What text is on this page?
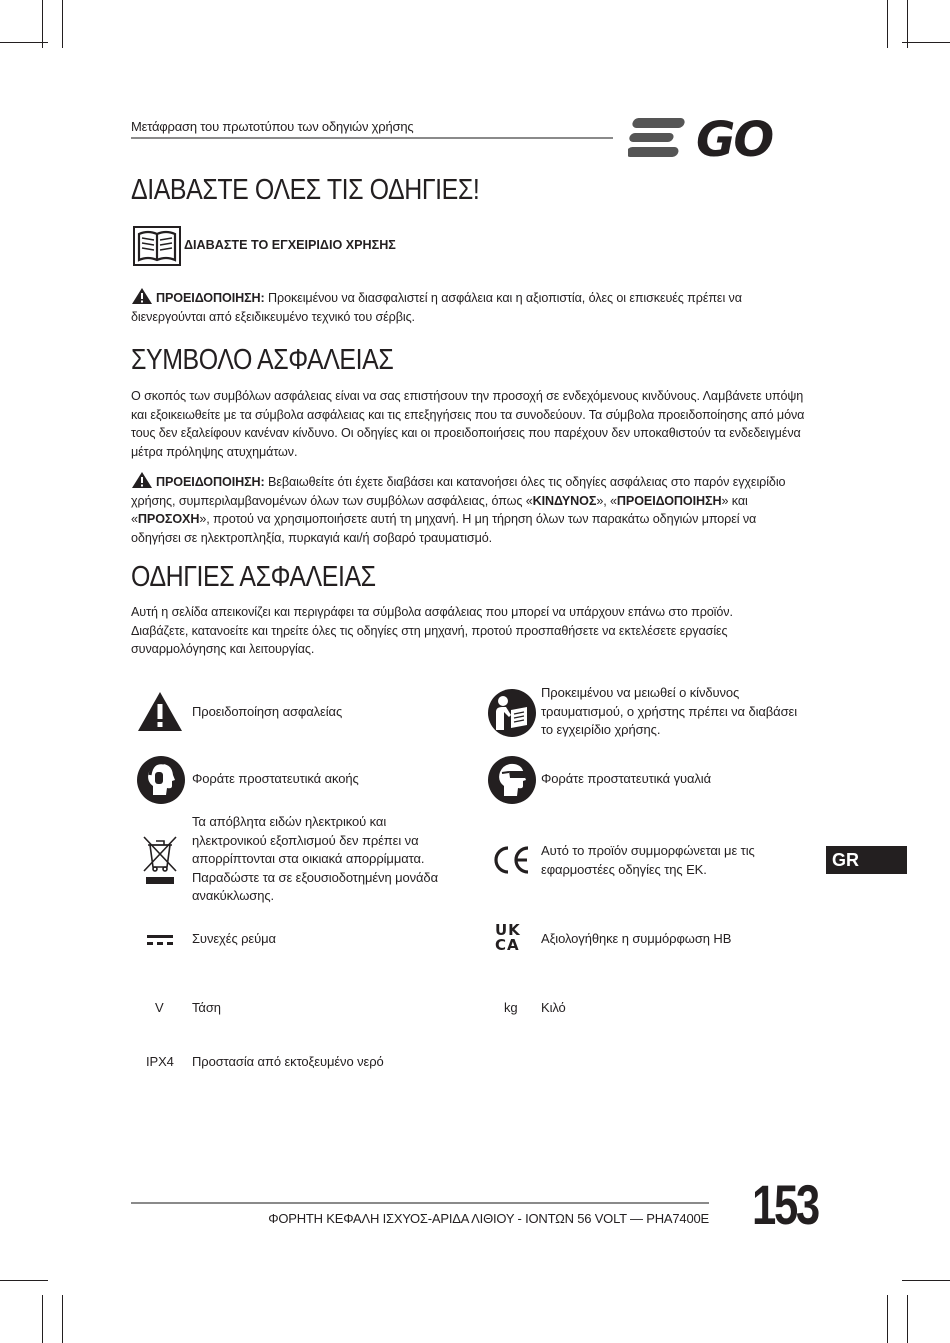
Μετάφραση του πρωτοτύπου των οδηγιών χρήσης	GO
ΔΙΑΒΑΣΤΕ ΟΛΕΣ ΤΙΣ ΟΔΗΓΙΕΣ!
ΔΙΑΒΑΣΤΕ ΤΟ ΕΓΧΕΙΡΙΔΙΟ ΧΡΗΣΗΣ
ΠΡΟΕΙΔΟΠΟΙΗΣΗ: Προκειμένου να διασφαλιστεί η ασφάλεια και η αξιοπιστία, όλες οι επισκευές πρέπει να διενεργούνται από εξειδικευμένο τεχνικό του σέρβις.
ΣΥΜΒΟΛΟ ΑΣΦΑΛΕΙΑΣ
Ο σκοπός των συμβόλων ασφάλειας είναι να σας επιστήσουν την προσοχή σε ενδεχόμενους κινδύνους. Λαμβάνετε υπόψη και εξοικειωθείτε με τα σύμβολα ασφάλειας και τις επεξηγήσεις που τα συνοδεύουν. Τα σύμβολα προειδοποίησης από μόνα τους δεν εξαλείφουν κανέναν κίνδυνο. Οι οδηγίες και οι προειδοποιήσεις που παρέχουν δεν υποκαθιστούν τα ενδεδειγμένα μέτρα πρόληψης ατυχημάτων.
ΠΡΟΕΙΔΟΠΟΙΗΣΗ: Βεβαιωθείτε ότι έχετε διαβάσει και κατανοήσει όλες τις οδηγίες ασφάλειας στο παρόν εγχειρίδιο χρήσης, συμπεριλαμβανομένων όλων των συμβόλων ασφάλειας, όπως «ΚΙΝΔΥΝΟΣ», «ΠΡΟΕΙΔΟΠΟΙΗΣΗ» και «ΠΡΟΣΟΧΗ», προτού να χρησιμοποιήσετε αυτή τη μηχανή. Η μη τήρηση όλων των παρακάτω οδηγιών μπορεί να οδηγήσει σε ηλεκτροπληξία, πυρκαγιά και/ή σοβαρό τραυματισμό.
ΟΔΗΓΙΕΣ ΑΣΦΑΛΕΙΑΣ
Αυτή η σελίδα απεικονίζει και περιγράφει τα σύμβολα ασφάλειας που μπορεί να υπάρχουν επάνω στο προϊόν. Διαβάζετε, κατανοείτε και τηρείτε όλες τις οδηγίες στη μηχανή, προτού προσπαθήσετε να εκτελέσετε εργασίες συναρμολόγησης και λειτουργίας.
Προειδοποίηση ασφαλείας
Φοράτε προστατευτικά ακοής
Τα απόβλητα ειδών ηλεκτρικού και ηλεκτρονικού εξοπλισμού δεν πρέπει να απορρίπτονται στα οικιακά απορρίμματα. Παραδώστε τα σε εξουσιοδοτημένη μονάδα ανακύκλωσης.
Συνεχές ρεύμα
V Τάση
IPX4 Προστασία από εκτοξευμένο νερό
Προκειμένου να μειωθεί ο κίνδυνος τραυματισμού, ο χρήστης πρέπει να διαβάσει το εγχειρίδιο χρήσης.
Φοράτε προστατευτικά γυαλιά
Αυτό το προϊόν συμμορφώνεται με τις εφαρμοστέες οδηγίες της ΕΚ.
UK
CA	Αξιολογήθηκε η συμμόρφωση ΗΒ
kg Κιλό
GR
ΦΟΡΗΤΗ ΚΕΦΑΛΗ ΙΣΧΥΟΣ-ΑΡΙΔΑ ΛΙΘΙΟΥ - ΙΟΝΤΩΝ 56 VOLT — PHA7400E 153
